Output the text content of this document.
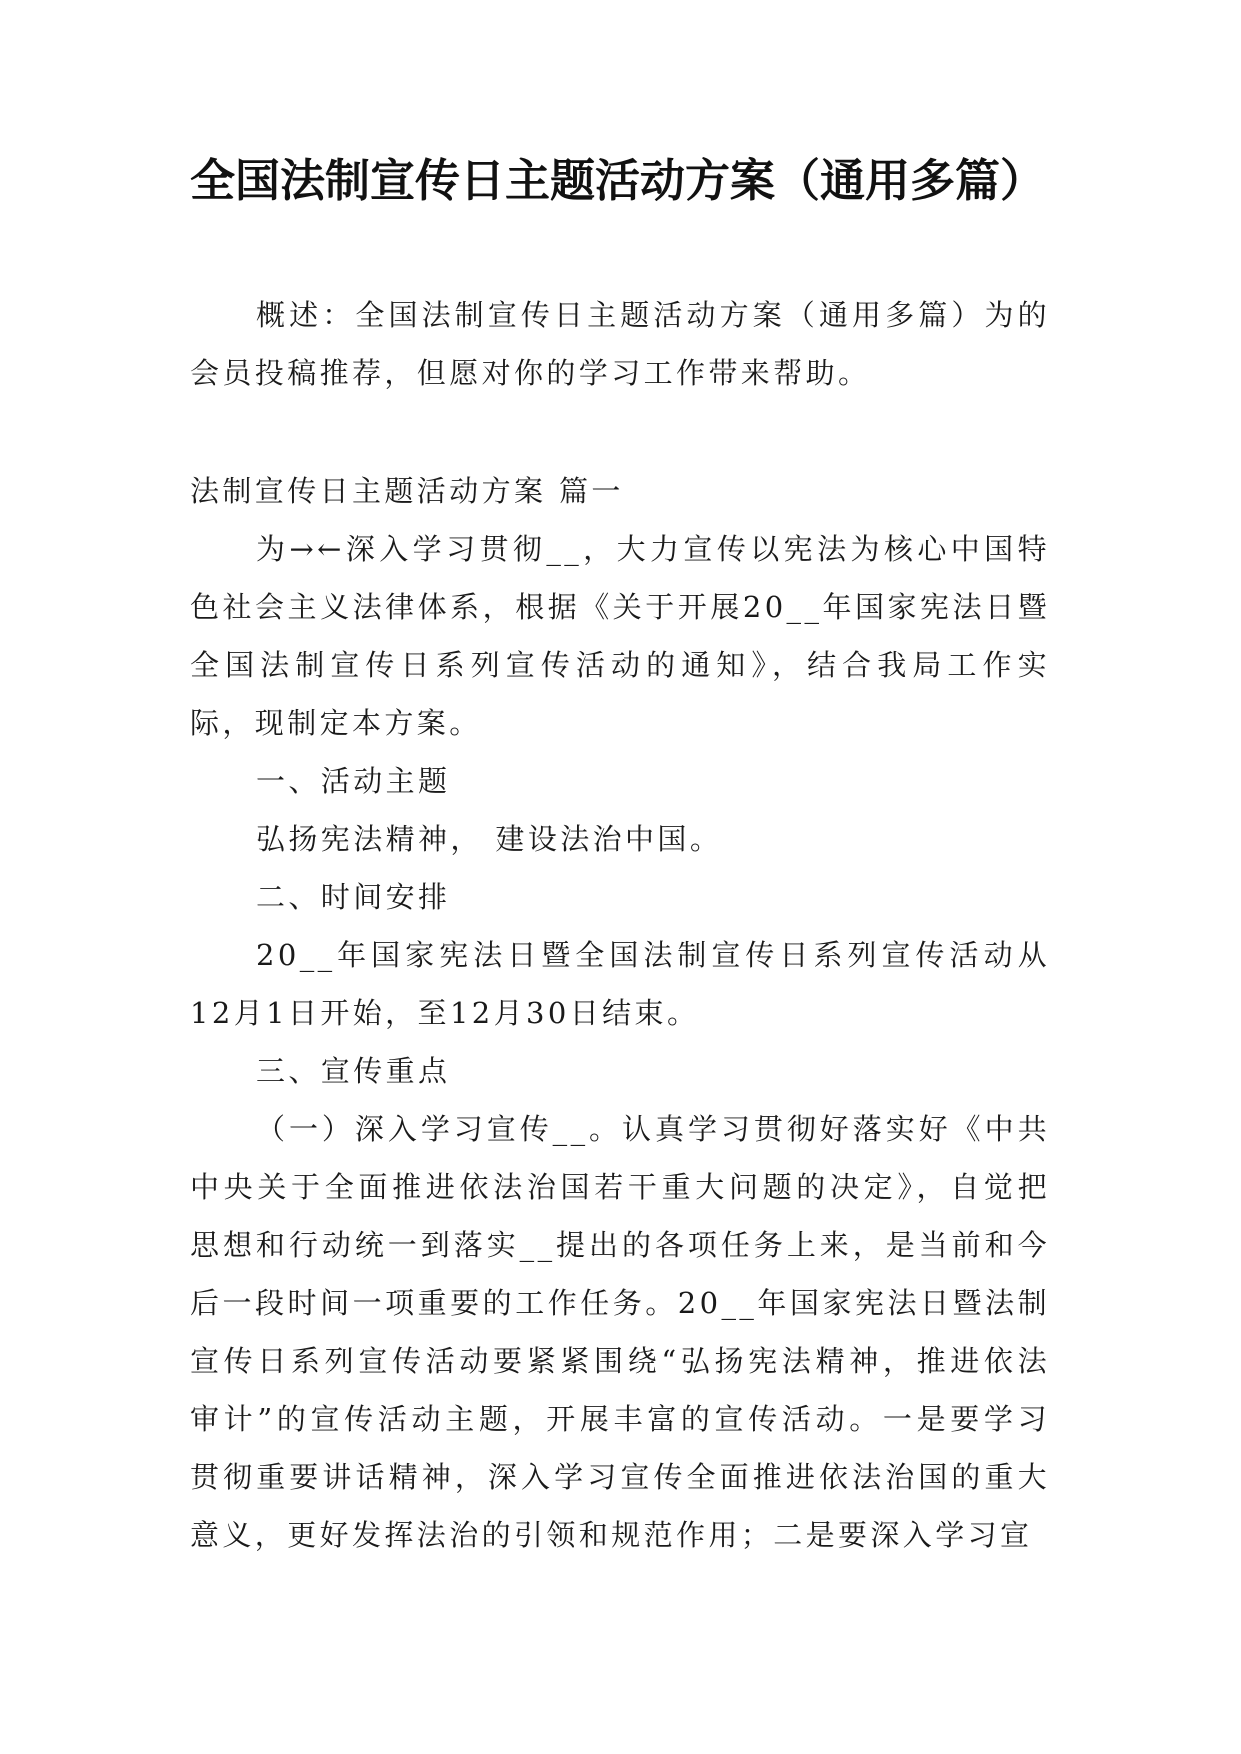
全国法制宣传日主题活动方案（通用多篇）

概述：全国法制宣传日主题活动方案（通用多篇）为的会员投稿推荐，但愿对你的学习工作带来帮助。

法制宣传日主题活动方案 篇一

为→←深入学习贯彻__，大力宣传以宪法为核心中国特色社会主义法律体系，根据《关于开展20__年国家宪法日暨全国法制宣传日系列宣传活动的通知》，结合我局工作实际，现制定本方案。

一、活动主题

弘扬宪法精神， 建设法治中国。

二、时间安排

20__年国家宪法日暨全国法制宣传日系列宣传活动从12月1日开始，至12月30日结束。

三、宣传重点

（一）深入学习宣传__。认真学习贯彻好落实好《中共中央关于全面推进依法治国若干重大问题的决定》，自觉把思想和行动统一到落实__提出的各项任务上来，是当前和今后一段时间一项重要的工作任务。20__年国家宪法日暨法制宣传日系列宣传活动要紧紧围绕“弘扬宪法精神，推进依法审计”的宣传活动主题，开展丰富的宣传活动。一是要学习贯彻重要讲话精神，深入学习宣传全面推进依法治国的重大意义，更好发挥法治的引领和规范作用；二是要深入学习宣
